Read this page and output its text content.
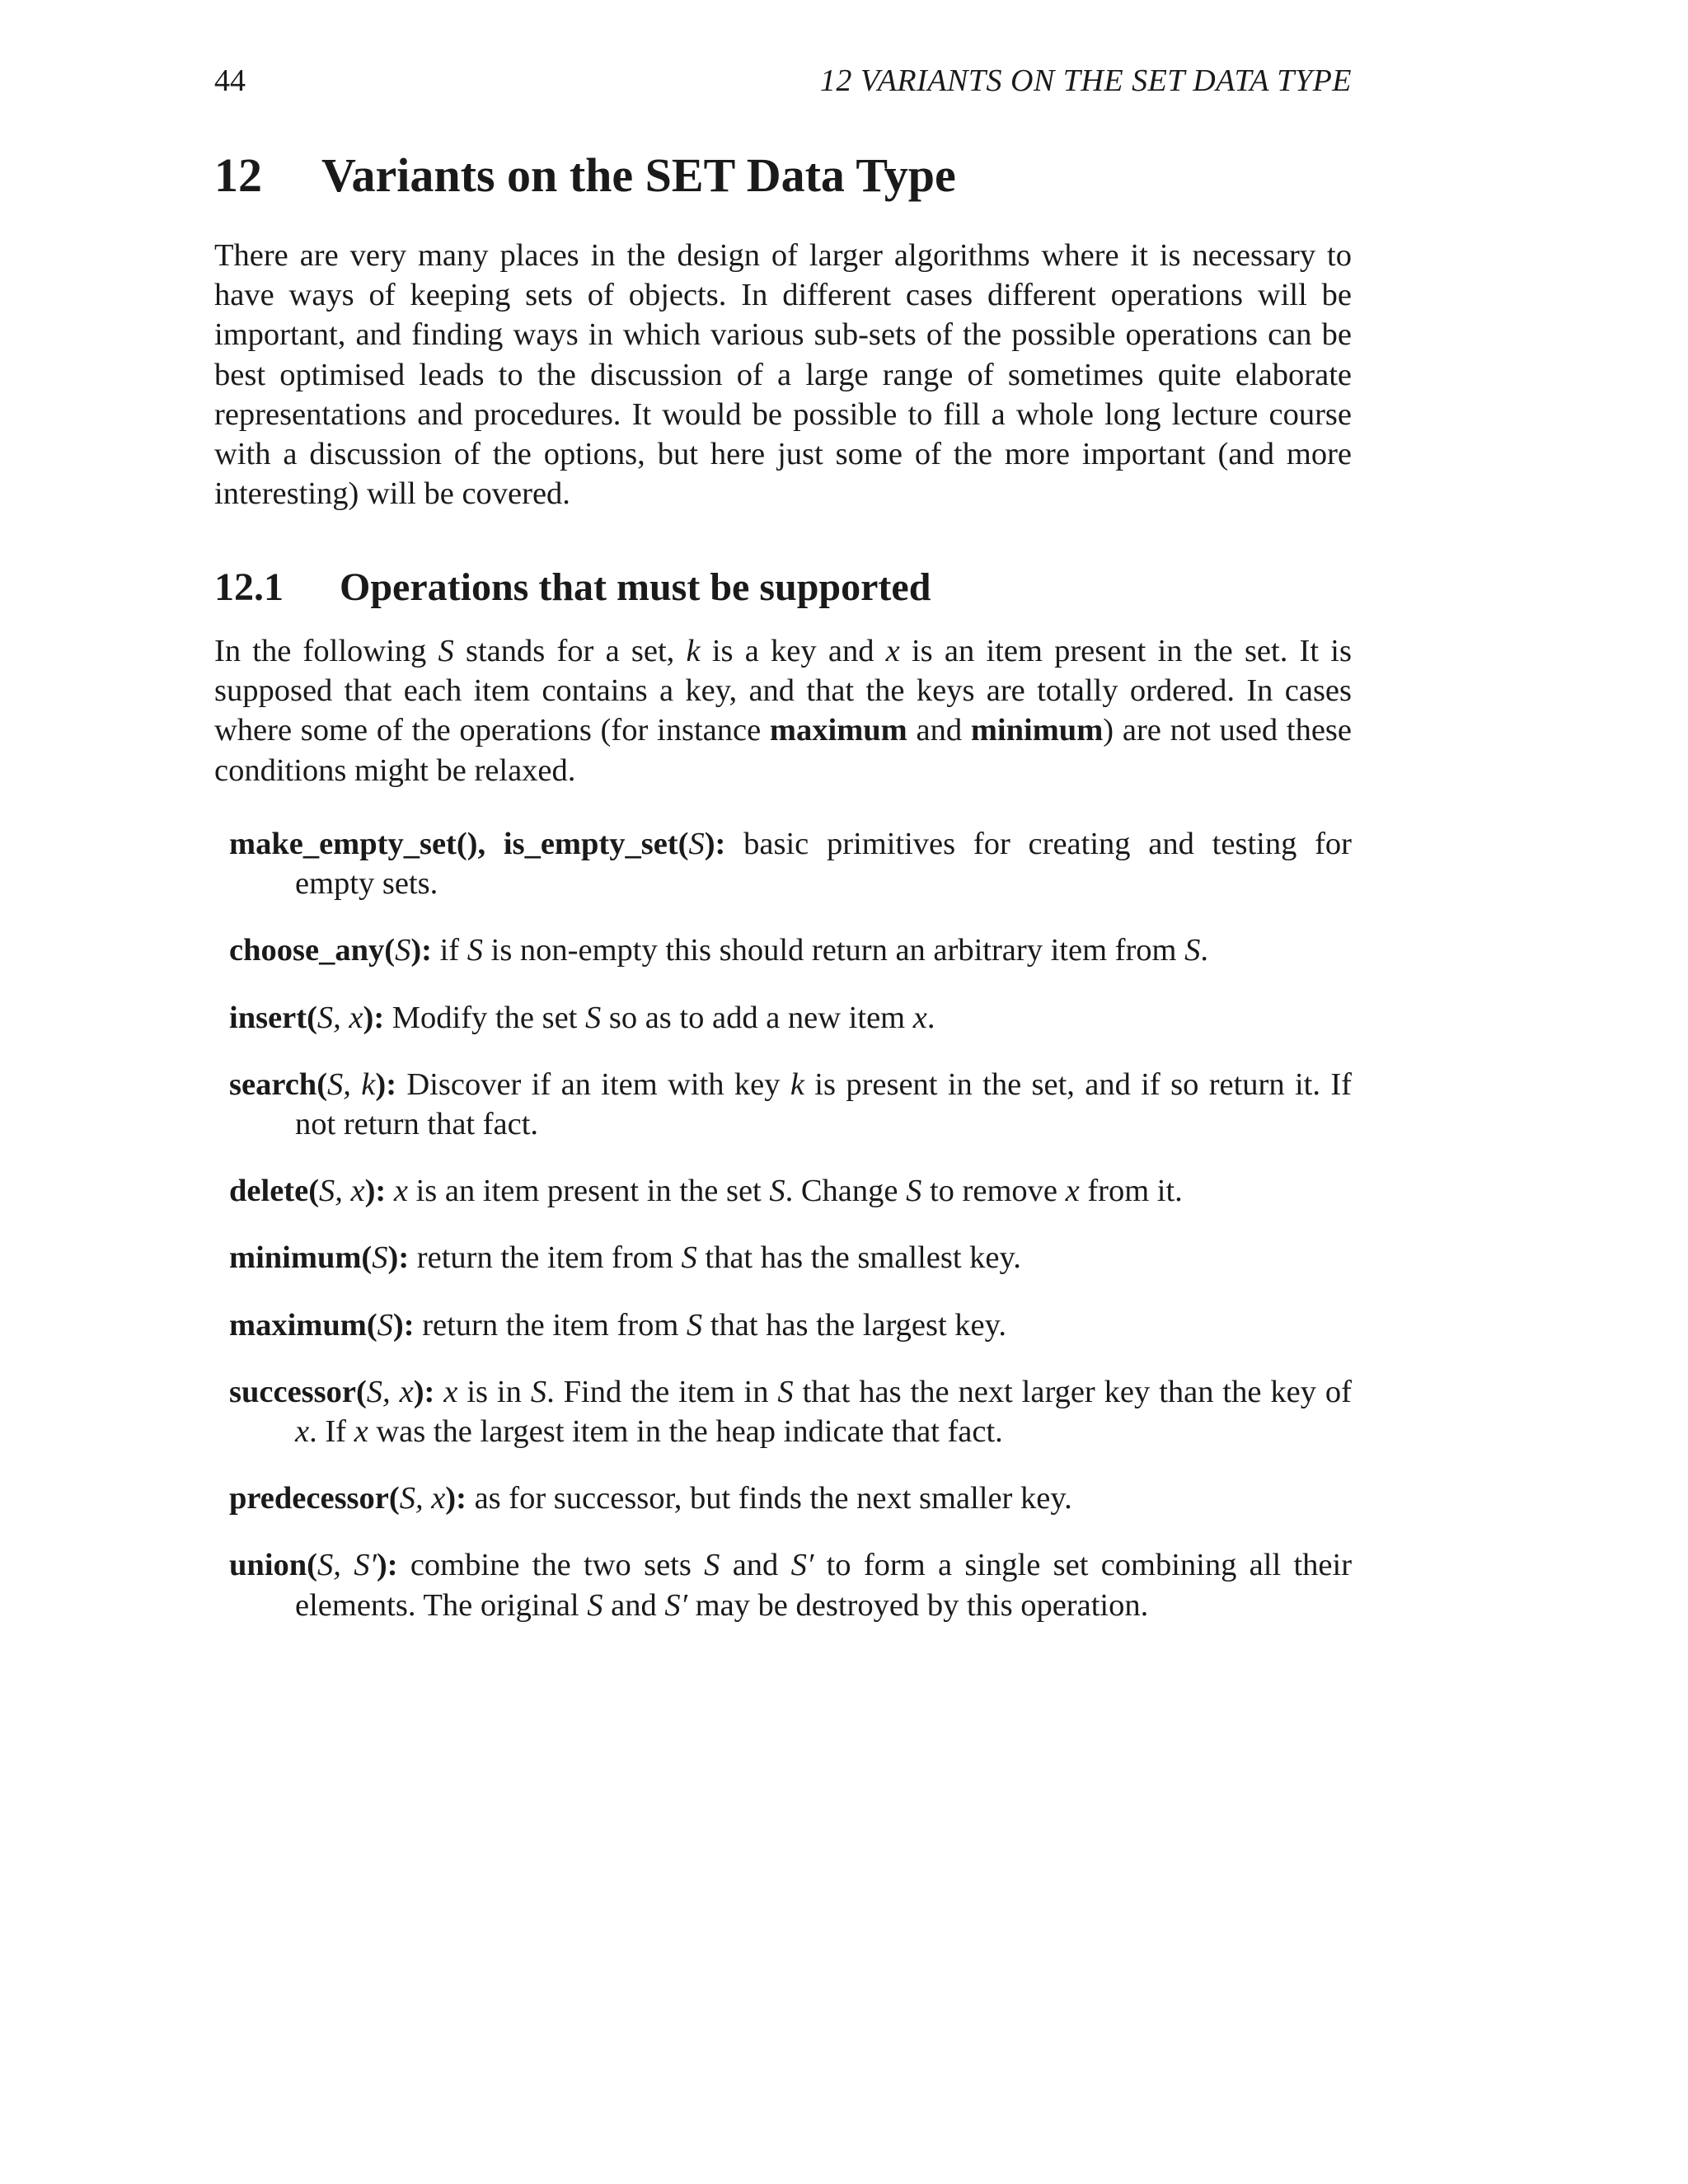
44	12 VARIANTS ON THE SET DATA TYPE
12 Variants on the SET Data Type

There are very many places in the design of larger algorithms where it is necessary to have ways of keeping sets of objects. In different cases different operations will be important, and finding ways in which various sub-sets of the possible operations can be best optimised leads to the discussion of a large range of sometimes quite elaborate representations and procedures. It would be possible to fill a whole long lecture course with a discussion of the options, but here just some of the more important (and more interesting) will be covered.

12.1 Operations that must be supported

In the following S stands for a set, k is a key and x is an item present in the set. It is supposed that each item contains a key, and that the keys are totally ordered. In cases where some of the operations (for instance maximum and minimum) are not used these conditions might be relaxed.

make_empty_set(), is_empty_set(S): basic primitives for creating and testing for empty sets.
choose_any(S): if S is non-empty this should return an arbitrary item from S.
insert(S, x): Modify the set S so as to add a new item x.
search(S, k): Discover if an item with key k is present in the set, and if so return it. If not return that fact.
delete(S, x): x is an item present in the set S. Change S to remove x from it.
minimum(S): return the item from S that has the smallest key.
maximum(S): return the item from S that has the largest key.
successor(S, x): x is in S. Find the item in S that has the next larger key than the key of x. If x was the largest item in the heap indicate that fact.
predecessor(S, x): as for successor, but finds the next smaller key.
union(S, S′): combine the two sets S and S′ to form a single set combining all their elements. The original S and S′ may be destroyed by this operation.
